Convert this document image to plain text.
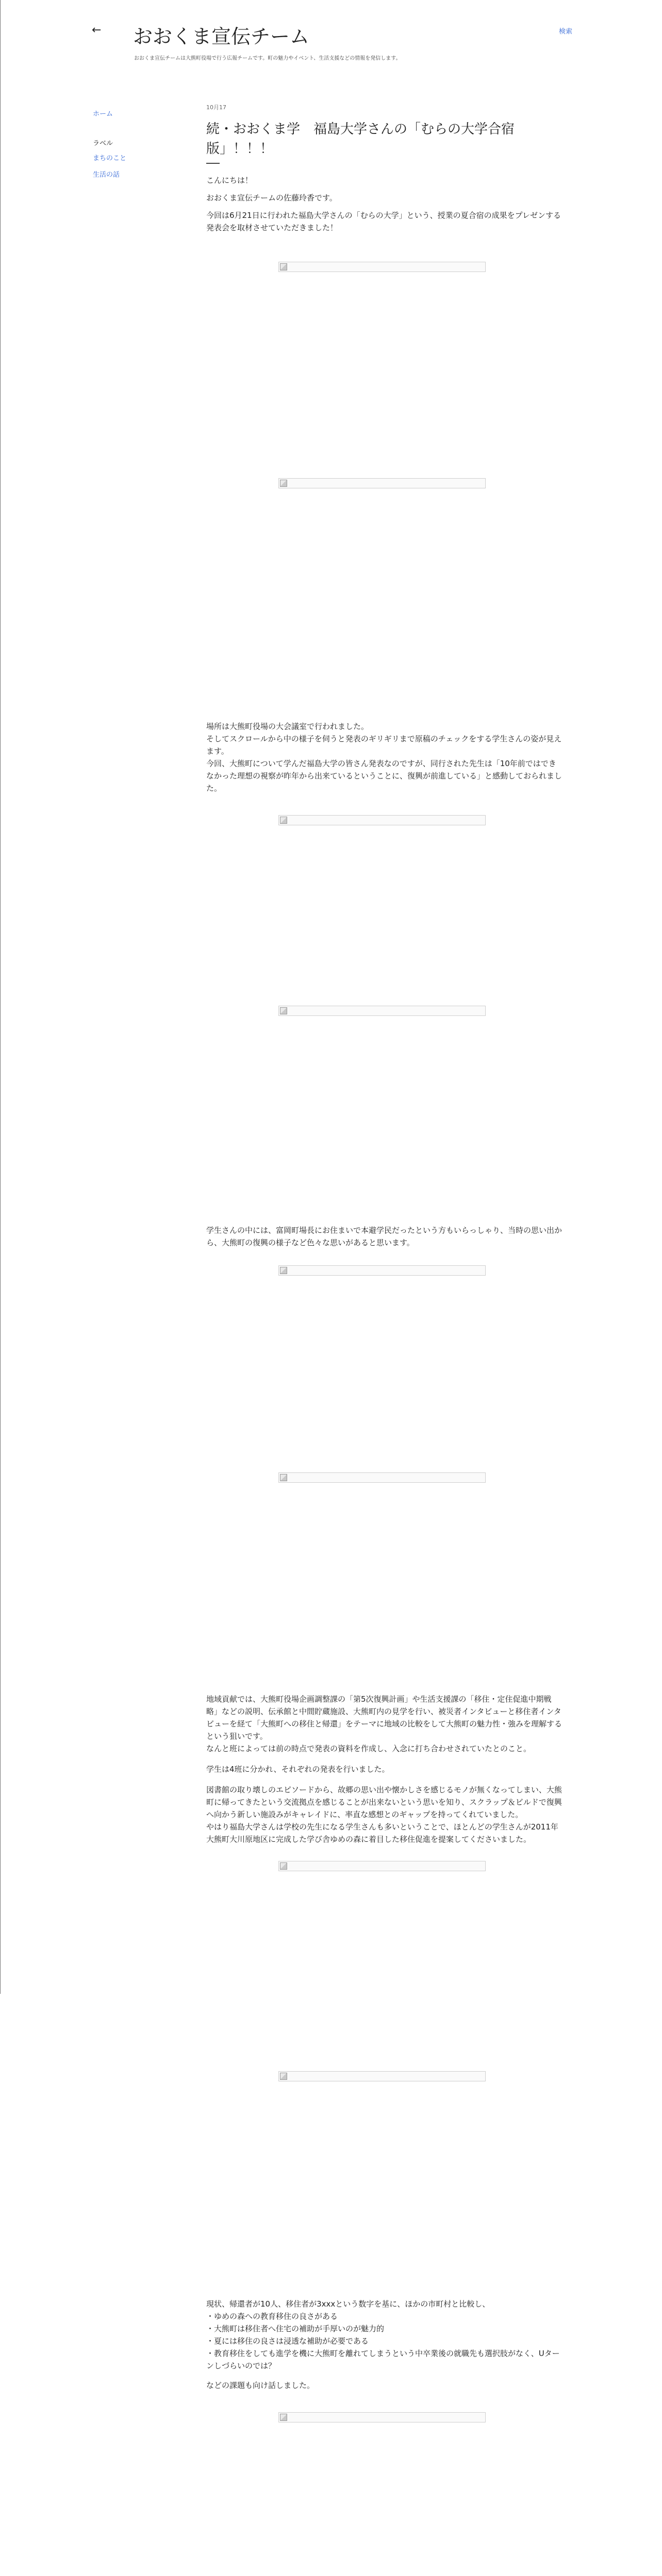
← おおくま宣伝チーム
おおくま宣伝チームは大熊町役場で行う広報チームです。町の魅力やイベント、生活支援などの情報を発信します。
検索
ホーム
ラベル
まちのこと
生活の話
10月17
続・おおくま学　福島大学さんの「むらの大学合宿版」！！！

こんにちは！

おおくま宣伝チームの佐藤玲香です。

今回は6月21日に行われた福島大学さんの「むらの大学」という、授業の夏合宿の成果をプレゼンする発表会を取材させていただきました！

場所は大熊町役場の大会議室で行われました。
そしてスクロールから中の様子を伺うと発表のギリギリまで原稿のチェックをする学生さんの姿が見えます。
今回、大熊町について学んだ福島大学の皆さん発表なのですが、同行された先生は「10年前ではできなかった理想の視察が昨年から出来ているということに、復興が前進している」と感動しておられました。

学生さんの中には、富岡町場長にお住まいで本避学民だったという方もいらっしゃり、当時の思い出から、大熊町の復興の様子など色々な思いがあると思います。

地域貢献では、大熊町役場企画調整課の「第5次復興計画」や生活支援課の「移住・定住促進中期戦略」などの説明、伝承館と中間貯蔵施設、大熊町内の見学を行い、被災者インタビューと移住者インタビューを経て「大熊町への移住と帰還」をテーマに地域の比較をして大熊町の魅力性・強みを理解するという狙いです。
なんと班によっては前の時点で発表の資料を作成し、入念に打ち合わせされていたとのこと。

学生は4班に分かれ、それぞれの発表を行いました。

図書館の取り壊しのエピソードから、故郷の思い出や懐かしさを感じるモノが無くなってしまい、大熊町に帰ってきたという交流拠点を感じることが出来ないという思いを知り、スクラップ＆ビルドで復興へ向かう新しい施設みがキャレイドに、率直な感想とのギャップを持ってくれていました。
やはり福島大学さんは学校の先生になる学生さんも多いということで、ほとんどの学生さんが2011年大熊町大川原地区に完成した学び舎ゆめの森に着目した移住促進を提案してくださいました。

現状、帰還者が10人、移住者が3xxxという数字を基に、ほかの市町村と比較し、
・ゆめの森への教育移住の良さがある
・大熊町は移住者へ住宅の補助が手厚いのが魅力的
・夏には移住の良さは浸透な補助が必要である
・教育移住をしても進学を機に大熊町を離れてしまうという中卒業後の就職先も選択肢がなく、Uターンしづらいのでは？

などの課題も向け話しました。
